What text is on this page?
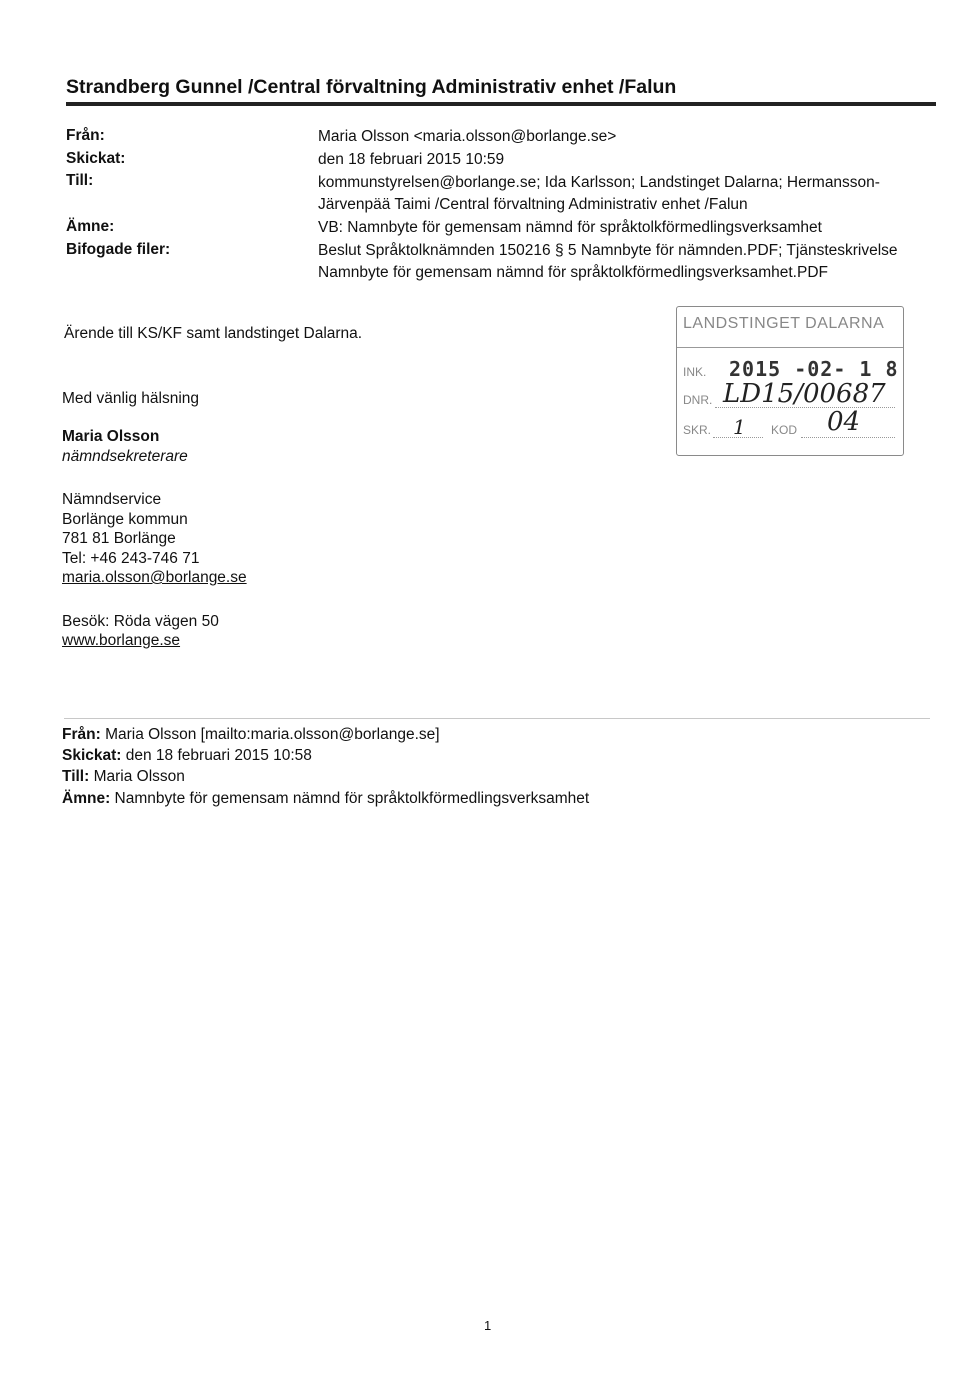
Strandberg Gunnel /Central förvaltning Administrativ enhet /Falun
Från:
Skickat:
Till:
Ämne:
Bifogade filer:
Maria Olsson <maria.olsson@borlange.se>
den 18 februari 2015 10:59
kommunstyrelsen@borlange.se; Ida Karlsson; Landstinget Dalarna; Hermansson-
Järvenpää Taimi /Central förvaltning Administrativ enhet /Falun
VB: Namnbyte för gemensam nämnd för språktolkförmedlingsverksamhet
Beslut Språktolknämnden 150216 § 5 Namnbyte för nämnden.PDF; Tjänsteskrivelse
Namnbyte för gemensam nämnd för språktolkförmedlingsverksamhet.PDF
Ärende till KS/KF samt landstinget Dalarna.
Med vänlig hälsning
Maria Olsson
nämndsekreterare
Nämndservice
Borlänge kommun
781 81 Borlänge
Tel: +46 243-746 71
maria.olsson@borlange.se
Besök: Röda vägen 50
www.borlange.se
Från: Maria Olsson [mailto:maria.olsson@borlange.se]
Skickat: den 18 februari 2015 10:58
Till: Maria Olsson
Ämne: Namnbyte för gemensam nämnd för språktolkförmedlingsverksamhet
LANDSTINGET DALARNA
INK. 2015 -02- 1 8
DNR. LD15/00687
SKR. 1 KOD 04
1
